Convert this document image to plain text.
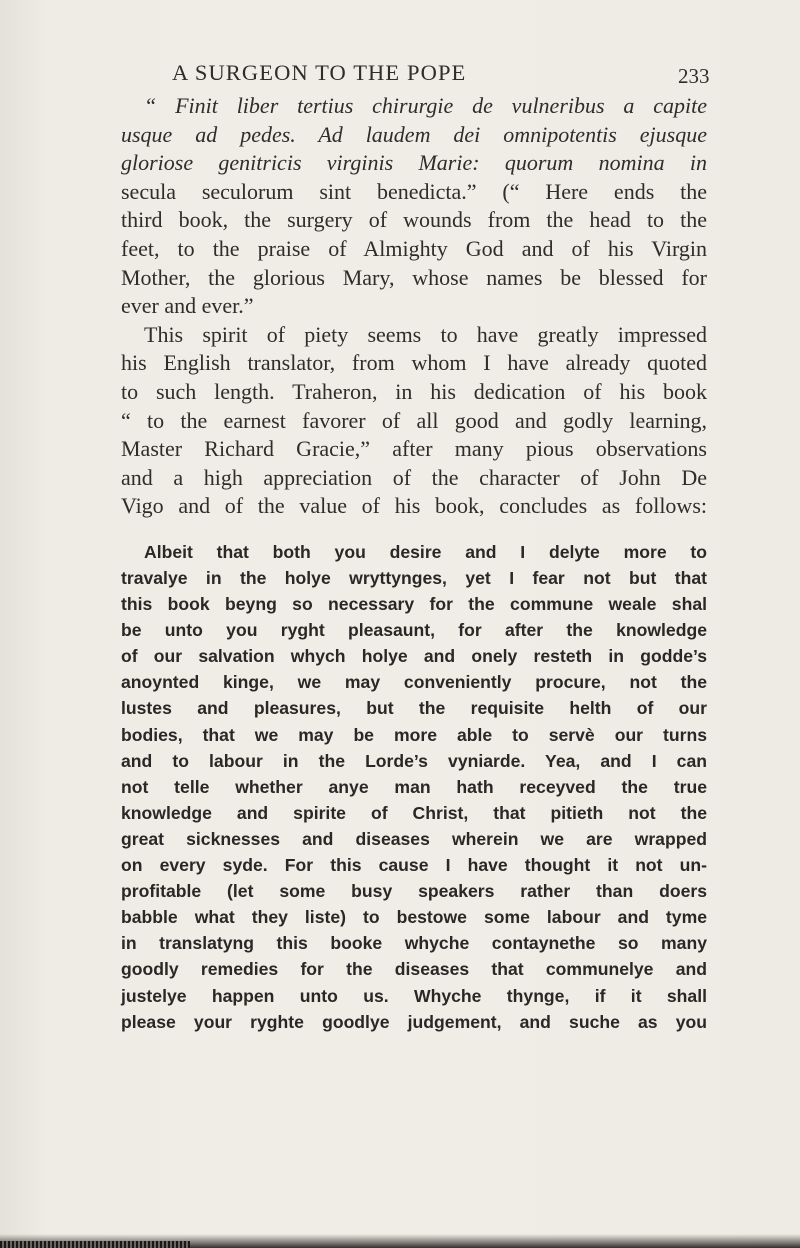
A SURGEON TO THE POPE	233
“ Finit liber tertius chirurgie de vulneribus a capite
usque ad pedes. Ad laudem dei omnipotentis ejusque
gloriose genitricis virginis Marie: quorum nomina in
secula seculorum sint benedicta.” (“ Here ends the
third book, the surgery of wounds from the head to the
feet, to the praise of Almighty God and of his Virgin
Mother, the glorious Mary, whose names be blessed for
ever and ever.”
This spirit of piety seems to have greatly impressed
his English translator, from whom I have already quoted
to such length. Traheron, in his dedication of his book
“ to the earnest favorer of all good and godly learning,
Master Richard Gracie,” after many pious observations
and a high appreciation of the character of John De
Vigo and of the value of his book, concludes as follows:
Albeit that both you desire and I delyte more to
travalye in the holye wryttynges, yet I fear not but that
this book beyng so necessary for the commune weale shal
be unto you ryght pleasaunt, for after the knowledge
of our salvation whych holye and onely resteth in godde’s
anoynted kinge, we may conveniently procure, not the
lustes and pleasures, but the requisite helth of our
bodies, that we may be more able to servè our turns
and to labour in the Lorde’s vyniarde. Yea, and I can
not telle whether anye man hath receyved the true
knowledge and spirite of Christ, that pitieth not the
great sicknesses and diseases wherein we are wrapped
on every syde. For this cause I have thought it not un-
profitable (let some busy speakers rather than doers
babble what they liste) to bestowe some labour and tyme
in translatyng this booke whyche contaynethe so many
goodly remedies for the diseases that communelye and
justelye happen unto us. Whyche thynge, if it shall
please your ryghte goodlye judgement, and suche as you
